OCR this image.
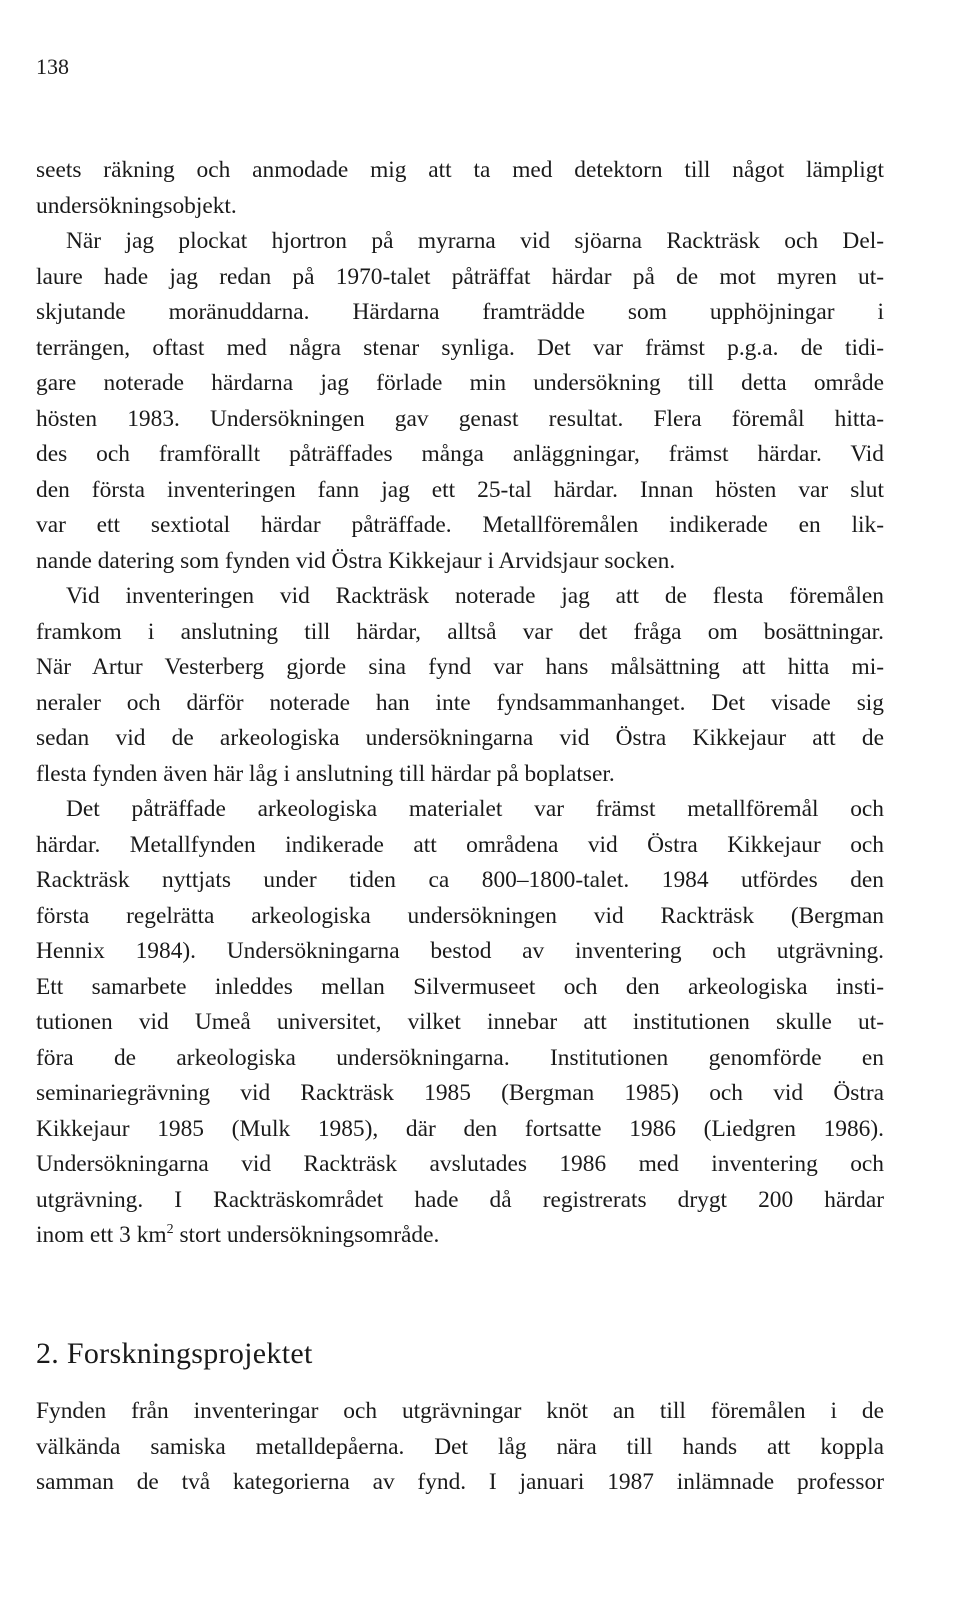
138
seets räkning och anmodade mig att ta med detektorn till något lämpligt
undersökningsobjekt.
När jag plockat hjortron på myrarna vid sjöarna Rackträsk och Del-
laure hade jag redan på 1970-talet påträffat härdar på de mot myren ut-
skjutande moränuddarna. Härdarna framträdde som upphöjningar i
terrängen, oftast med några stenar synliga. Det var främst p.g.a. de tidi-
gare noterade härdarna jag förlade min undersökning till detta område
hösten 1983. Undersökningen gav genast resultat. Flera föremål hitta-
des och framförallt påträffades många anläggningar, främst härdar. Vid
den första inventeringen fann jag ett 25-tal härdar. Innan hösten var slut
var ett sextiotal härdar påträffade. Metallföremålen indikerade en lik-
nande datering som fynden vid Östra Kikkejaur i Arvidsjaur socken.
Vid inventeringen vid Rackträsk noterade jag att de flesta föremålen
framkom i anslutning till härdar, alltså var det fråga om bosättningar.
När Artur Vesterberg gjorde sina fynd var hans målsättning att hitta mi-
neraler och därför noterade han inte fyndsammanhanget. Det visade sig
sedan vid de arkeologiska undersökningarna vid Östra Kikkejaur att de
flesta fynden även här låg i anslutning till härdar på boplatser.
Det påträffade arkeologiska materialet var främst metallföremål och
härdar. Metallfynden indikerade att områdena vid Östra Kikkejaur och
Rackträsk nyttjats under tiden ca 800–1800-talet. 1984 utfördes den
första regelrätta arkeologiska undersökningen vid Rackträsk (Bergman
Hennix 1984). Undersökningarna bestod av inventering och utgrävning.
Ett samarbete inleddes mellan Silvermuseet och den arkeologiska insti-
tutionen vid Umeå universitet, vilket innebar att institutionen skulle ut-
föra de arkeologiska undersökningarna. Institutionen genomförde en
seminariegrävning vid Rackträsk 1985 (Bergman 1985) och vid Östra
Kikkejaur 1985 (Mulk 1985), där den fortsatte 1986 (Liedgren 1986).
Undersökningarna vid Rackträsk avslutades 1986 med inventering och
utgrävning. I Rackträskområdet hade då registrerats drygt 200 härdar
inom ett 3 $km^2$ stort undersökningsområde.
2. Forskningsprojektet
Fynden från inventeringar och utgrävningar knöt an till föremålen i de
välkända samiska metalldepåerna. Det låg nära till hands att koppla
samman de två kategorierna av fynd. I januari 1987 inlämnade professor
